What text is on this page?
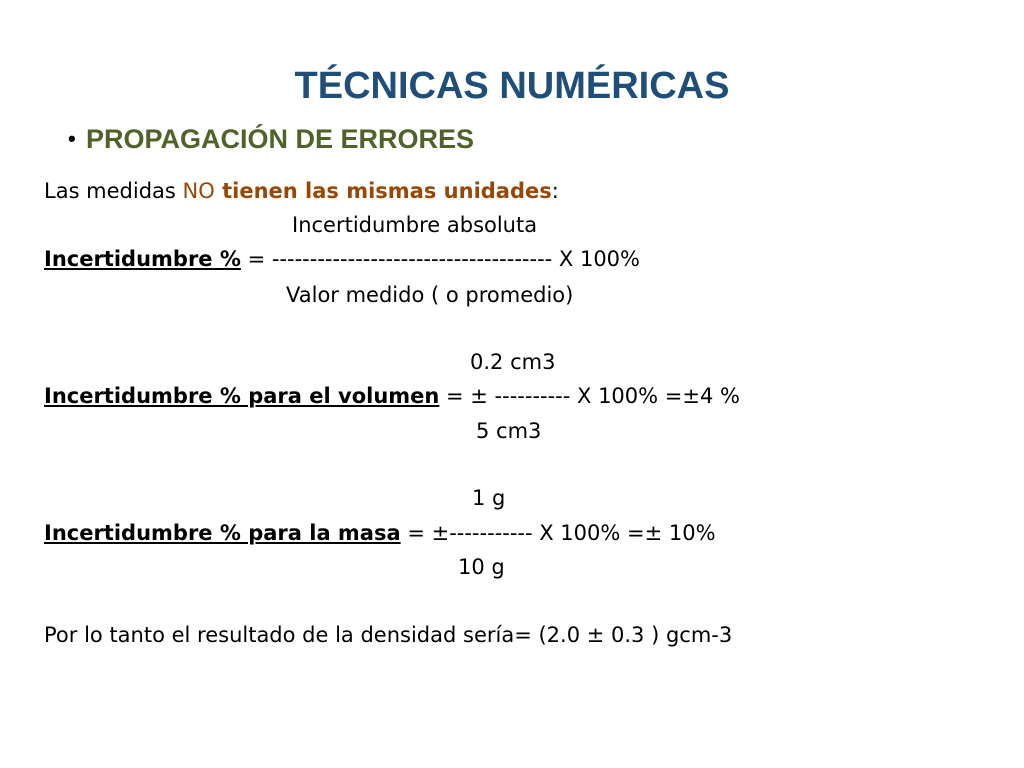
TÉCNICAS NUMÉRICAS
• PROPAGACIÓN DE ERRORES
Las medidas NO tienen las mismas unidades:
Incertidumbre absoluta
Incertidumbre % = ------------------------------------- X 100%
Valor medido ( o promedio)
0.2 cm3
Incertidumbre % para el volumen = ± ---------- X 100% =±4 %
5 cm3
1 g
Incertidumbre % para la masa = ±----------- X 100% =± 10%
10 g
Por lo tanto el resultado de la densidad sería= (2.0 ± 0.3 ) gcm-3
